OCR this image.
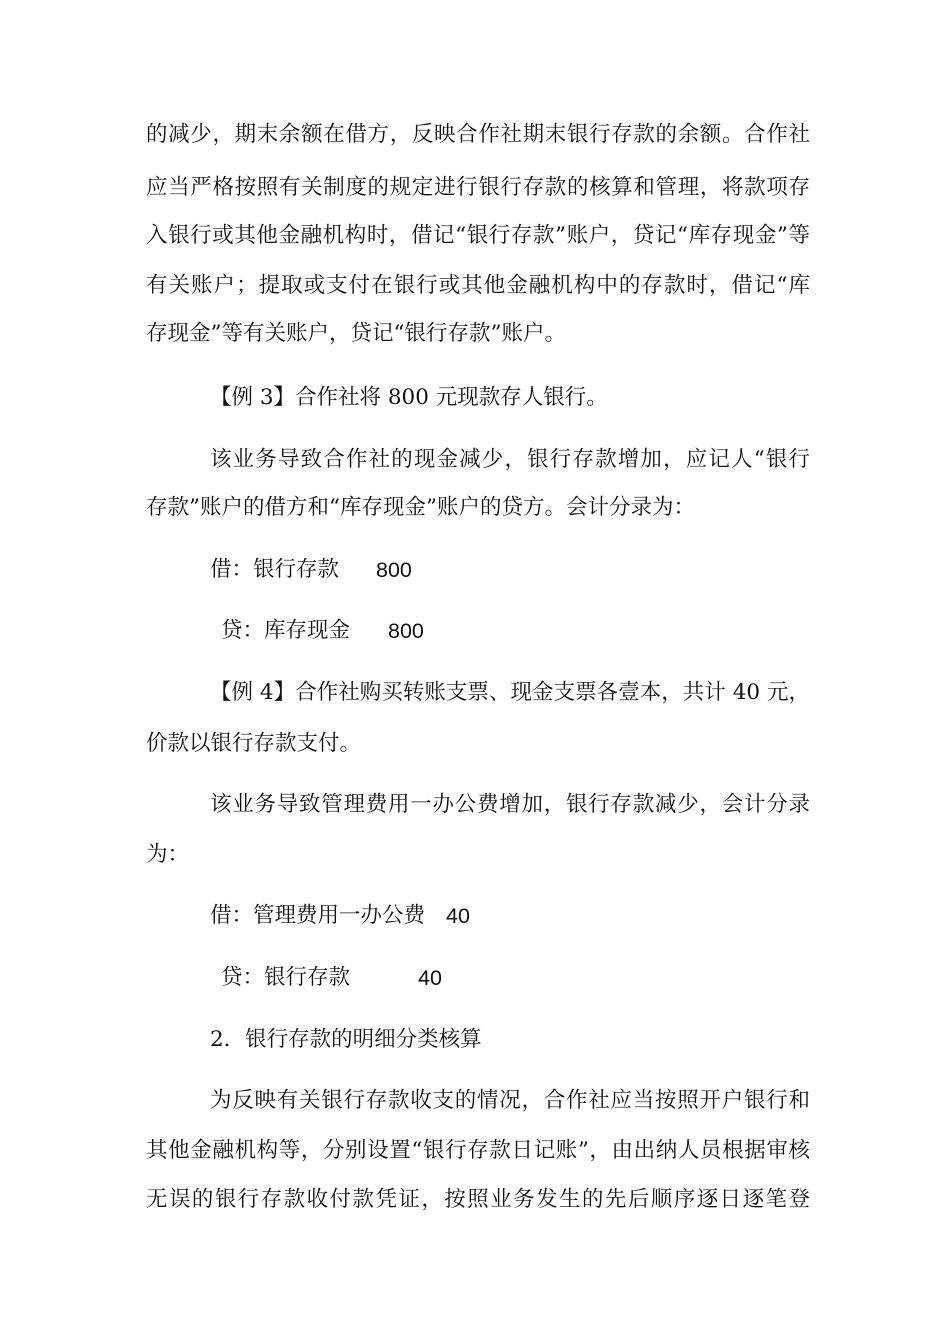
的减少，期末余额在借方，反映合作社期末银行存款的余额。合作社
应当严格按照有关制度的规定进行银行存款的核算和管理，将款项存
入银行或其他金融机构时，借记“银行存款”账户，贷记“库存现金”等
有关账户；提取或支付在银行或其他金融机构中的存款时，借记“库
存现金”等有关账户，贷记“银行存款”账户。
【例 3】合作社将 800 元现款存人银行。
该业务导致合作社的现金减少，银行存款增加，应记人“银行
存款”账户的借方和“库存现金”账户的贷方。会计分录为：
借：银行存款 800
贷：库存现金 800
【例 4】合作社购买转账支票、现金支票各壹本，共计 40 元，
价款以银行存款支付。
该业务导致管理费用一办公费增加，银行存款减少，会计分录
为：
借：管理费用一办公费 40
贷：银行存款	40
2．银行存款的明细分类核算
为反映有关银行存款收支的情况，合作社应当按照开户银行和
其他金融机构等，分别设置“银行存款日记账”，由出纳人员根据审核
无误的银行存款收付款凭证，按照业务发生的先后顺序逐日逐笔登
